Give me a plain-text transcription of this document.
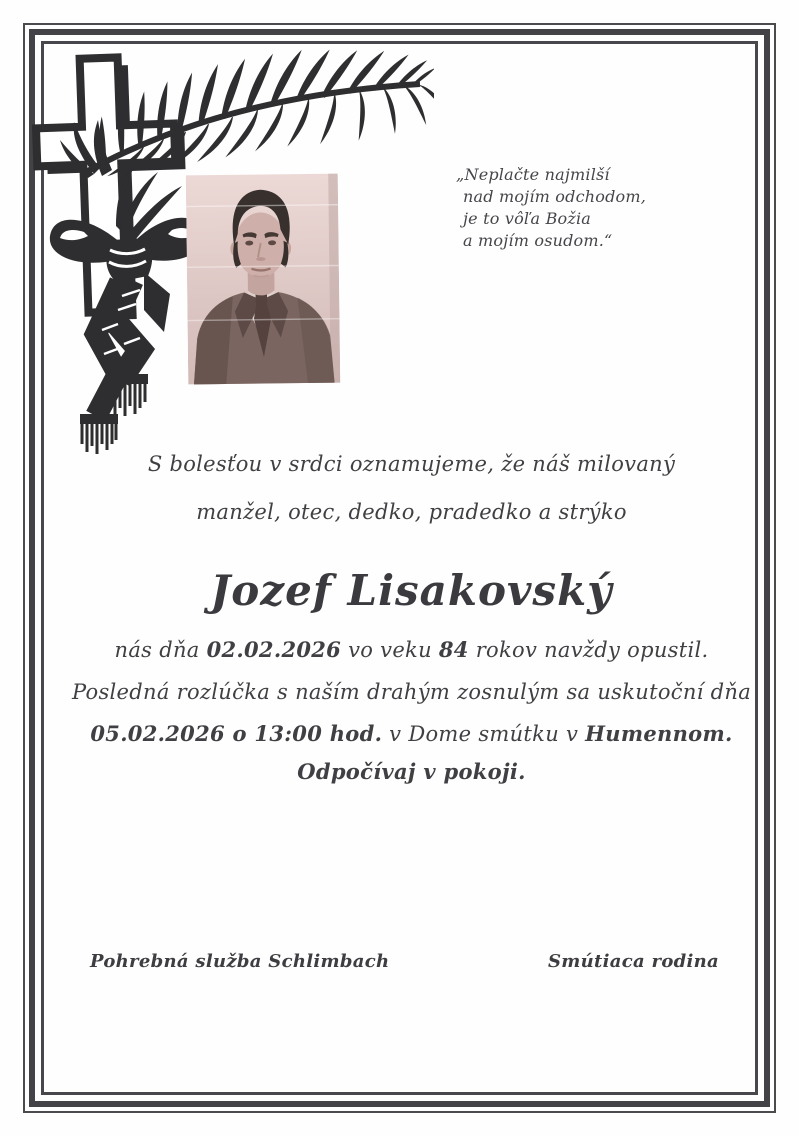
„Neplačte najmilší
nad mojím odchodom,
je to vôľa Božia
a mojím osudom.“
S bolesťou v srdci oznamujeme, že náš milovaný
manžel, otec, dedko, pradedko a strýko
Jozef Lisakovský
nás dňa 02.02.2026 vo veku 84 rokov navždy opustil.
Posledná rozlúčka s naším drahým zosnulým sa uskutoční dňa
05.02.2026 o 13:00 hod. v Dome smútku v Humennom.
Odpočívaj v pokoji.
Pohrebná služba Schlimbach	Smútiaca rodina
